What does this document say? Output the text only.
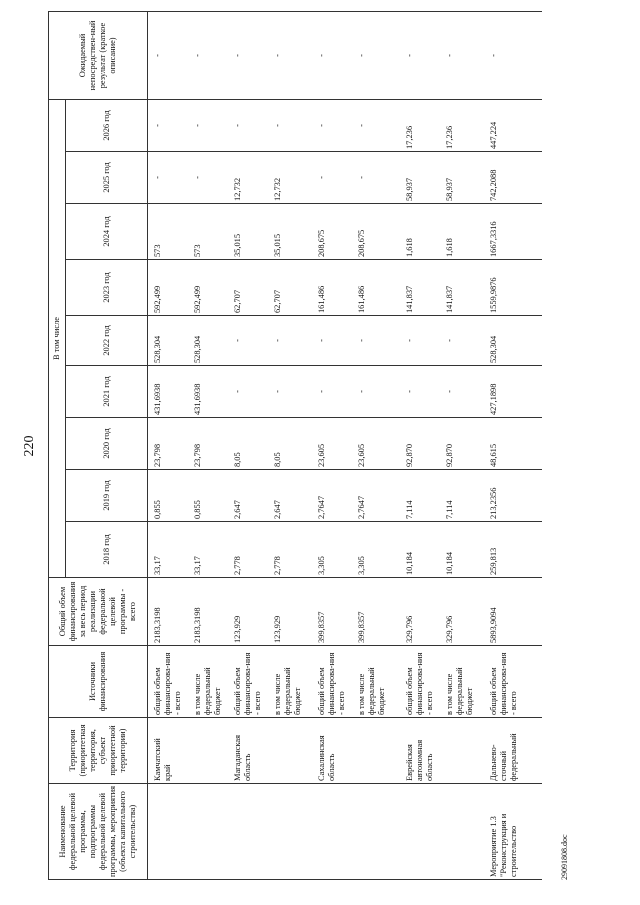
220
Наименование федеральной целевой программы, подпрограммы федеральной целевой программы, мероприятия (объекта капитального строительства)	Территория (приоритетная территория, субъект приоритетной территории)	Источники финансирования	Общий объем финансирования за весь период реализации федеральной целевой программы - всего	В том числе									Ожидаемый непосредствен-ный результат (краткое описание)
				2018 год	2019 год	2020 год	2021 год	2022 год	2023 год	2024 год	2025 год	2026 год	
	Камчатский край	общий объем финансирова-ния - всего	2183,3198	33,17	0,855	23,798	431,6938	528,304	592,499	573	-	-	-
		в том числе федеральный бюджет	2183,3198	33,17	0,855	23,798	431,6938	528,304	592,499	573	-	-	-
	Магаданская область	общий объем финансирова-ния - всего	123,929	2,778	2,647	8,05	-	-	62,707	35,015	12,732	-	-
		в том числе федеральный бюджет	123,929	2,778	2,647	8,05	-	-	62,707	35,015	12,732	-	-
	Сахалинская область	общий объем финансирова-ния - всего	399,8357	3,305	2,7647	23,605	-	-	161,486	208,675	-	-	-
		в том числе федеральный бюджет	399,8357	3,305	2,7647	23,605	-	-	161,486	208,675	-	-	-
	Еврейская автономная область	общий объем финансирова-ния - всего	329,796	10,184	7,114	92,870	-	-	141,837	1,618	58,937	17,236	-
		в том числе федеральный бюджет	329,796	10,184	7,114	92,870	-	-	141,837	1,618	58,937	17,236	-
Мероприятие 1.3 "Реконструкция и строительство	Дальнево-сточный федеральный	общий объем финансирова-ния - всего	5893,9094	259,813	213,2356	48,615	427,1898	528,304	1559,9876	1667,3316	742,2088	447,224	-
29091808.doc
